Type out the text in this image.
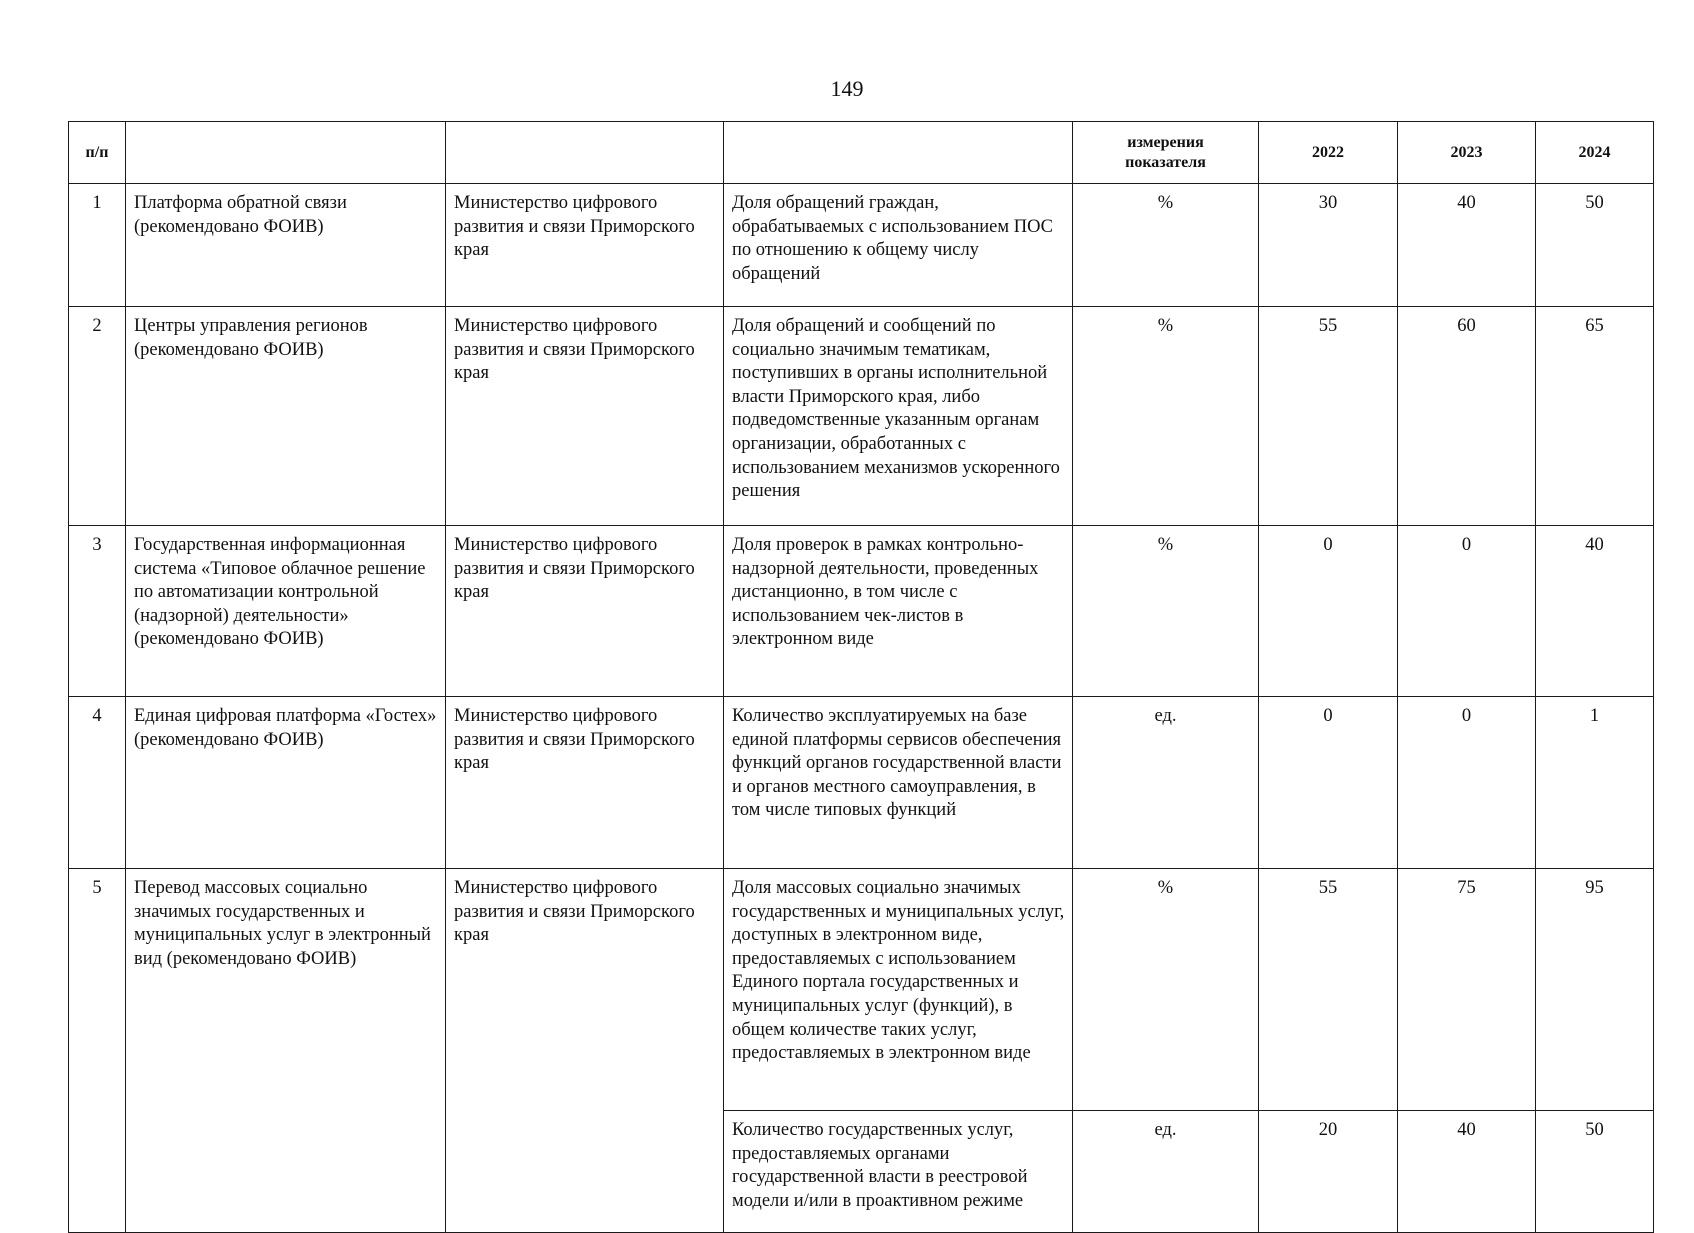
149
п/п				измерения
показателя	2022	2023	2024
1	Платформа обратной связи (рекомендовано ФОИВ)	Министерство цифрового развития и связи Приморского края	Доля обращений граждан, обрабатываемых с использованием ПОС по отношению к общему числу обращений	%	30	40	50
2	Центры управления регионов (рекомендовано ФОИВ)	Министерство цифрового развития и связи Приморского края	Доля обращений и сообщений по социально значимым тематикам, поступивших в органы исполнительной власти Приморского края, либо подведомственные указанным органам организации, обработанных с использованием механизмов ускоренного решения	%	55	60	65
3	Государственная информационная система «Типовое облачное решение по автоматизации контрольной (надзорной) деятельности» (рекомендовано ФОИВ)	Министерство цифрового развития и связи Приморского края	Доля проверок в рамках контрольно-надзорной деятельности, проведенных дистанционно, в том числе с использованием чек-листов в электронном виде	%	0	0	40
4	Единая цифровая платформа «Гостех» (рекомендовано ФОИВ)	Министерство цифрового развития и связи Приморского края	Количество эксплуатируемых на базе единой платформы сервисов обеспечения функций органов государственной власти и органов местного самоуправления, в том числе типовых функций	ед.	0	0	1
5	Перевод массовых социально значимых государственных и муниципальных услуг в электронный вид (рекомендовано ФОИВ)	Министерство цифрового развития и связи Приморского края	Доля массовых социально значимых государственных и муниципальных услуг, доступных в электронном виде, предоставляемых с использованием Единого портала государственных и муниципальных услуг (функций), в общем количестве таких услуг, предоставляемых в электронном виде	%	55	75	95
			Количество государственных услуг, предоставляемых органами государственной власти в реестровой модели и/или в проактивном режиме	ед.	20	40	50
